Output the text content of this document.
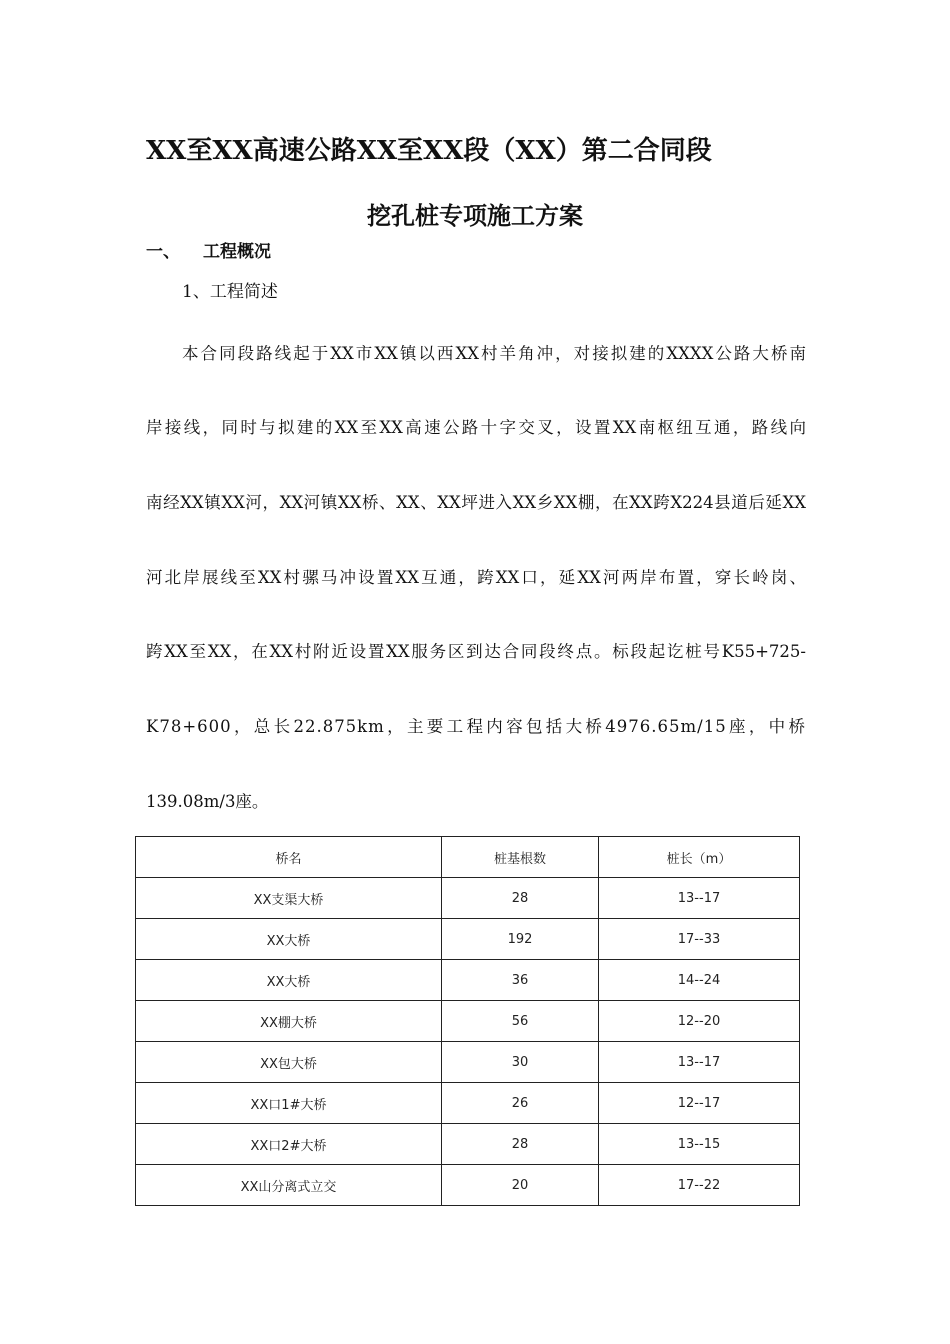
XX至XX高速公路XX至XX段（XX）第二合同段
挖孔桩专项施工方案
一、 工程概况
1、工程简述
本合同段路线起于XX市XX镇以西XX村羊角冲，对接拟建的XXXX公路大桥南
岸接线，同时与拟建的XX至XX高速公路十字交叉，设置XX南枢纽互通，路线向
南经XX镇XX河，XX河镇XX桥、XX、XX坪进入XX乡XX棚，在XX跨X224县道后延XX
河北岸展线至XX村骡马冲设置XX互通，跨XX口，延XX河两岸布置，穿长岭岗、
跨XX至XX，在XX村附近设置XX服务区到达合同段终点。标段起讫桩号K55+725-
K78+600，总长22.875km，主要工程内容包括大桥4976.65m/15座，中桥
139.08m/3座。
桥名	桩基根数	桩长（m）
XX支渠大桥	28	13--17
XX大桥	192	17--33
XX大桥	36	14--24
XX棚大桥	56	12--20
XX包大桥	30	13--17
XX口1#大桥	26	12--17
XX口2#大桥	28	13--15
XX山分离式立交	20	17--22
